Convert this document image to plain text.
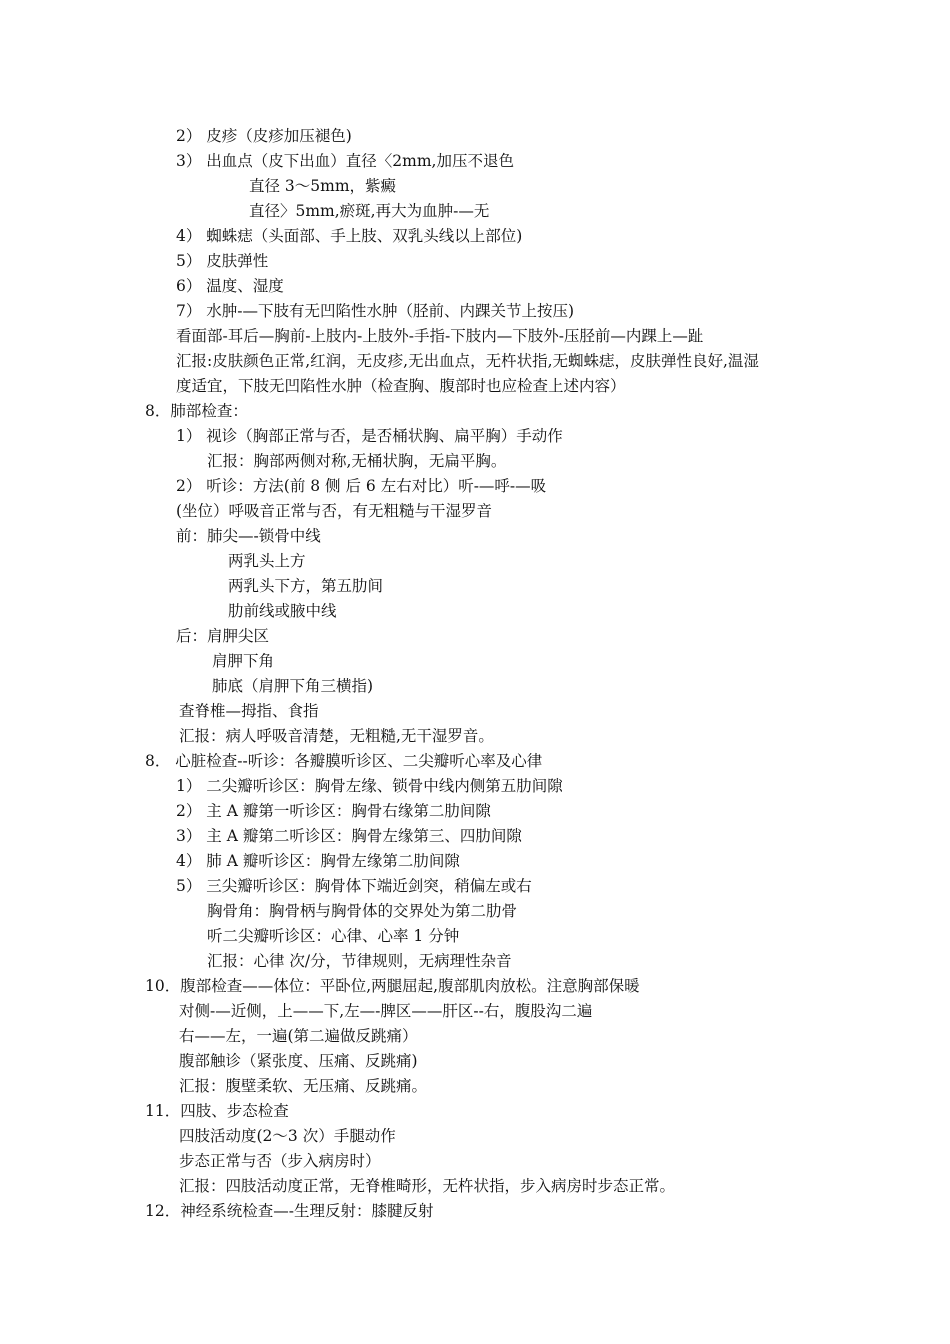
2） 皮疹（皮疹加压褪色)
3） 出血点（皮下出血）直径〈2mm,加压不退色
直径 3～5mm，紫癜
直径〉5mm,瘀斑,再大为血肿-—无
4） 蜘蛛痣（头面部、手上肢、双乳头线以上部位)
5） 皮肤弹性
6） 温度、湿度
7） 水肿-—下肢有无凹陷性水肿（胫前、内踝关节上按压)
看面部-耳后—胸前-上肢内-上肢外-手指-下肢内—下肢外-压胫前—内踝上—趾
汇报:皮肤颜色正常,红润，无皮疹,无出血点，无杵状指,无蜘蛛痣，皮肤弹性良好,温湿
度适宜，下肢无凹陷性水肿（检查胸、腹部时也应检查上述内容）
8．肺部检查：
1） 视诊（胸部正常与否，是否桶状胸、扁平胸）手动作
汇报：胸部两侧对称,无桶状胸，无扁平胸。
2） 听诊：方法(前 8 侧 后 6 左右对比）听-—呼-—吸
(坐位）呼吸音正常与否，有无粗糙与干湿罗音
前：肺尖—-锁骨中线
两乳头上方
两乳头下方，第五肋间
肋前线或腋中线
后：肩胛尖区
肩胛下角
肺底（肩胛下角三横指)
查脊椎—拇指、食指
汇报：病人呼吸音清楚，无粗糙,无干湿罗音。
8． 心脏检查--听诊：各瓣膜听诊区、二尖瓣听心率及心律
1） 二尖瓣听诊区：胸骨左缘、锁骨中线内侧第五肋间隙
2） 主 A 瓣第一听诊区：胸骨右缘第二肋间隙
3） 主 A 瓣第二听诊区：胸骨左缘第三、四肋间隙
4） 肺 A 瓣听诊区：胸骨左缘第二肋间隙
5） 三尖瓣听诊区：胸骨体下端近剑突，稍偏左或右
胸骨角：胸骨柄与胸骨体的交界处为第二肋骨
听二尖瓣听诊区：心律、心率 1 分钟
汇报：心律 次/分，节律规则，无病理性杂音
10．腹部检查——体位：平卧位,两腿屈起,腹部肌肉放松。注意胸部保暖
对侧-—近侧，上——下,左—-脾区——肝区--右，腹股沟二遍
右——左，一遍(第二遍做反跳痛）
腹部触诊（紧张度、压痛、反跳痛)
汇报：腹壁柔软、无压痛、反跳痛。
11．四肢、步态检查
四肢活动度(2～3 次）手腿动作
步态正常与否（步入病房时）
汇报：四肢活动度正常，无脊椎畸形，无杵状指，步入病房时步态正常。
12．神经系统检查—-生理反射：膝腱反射
